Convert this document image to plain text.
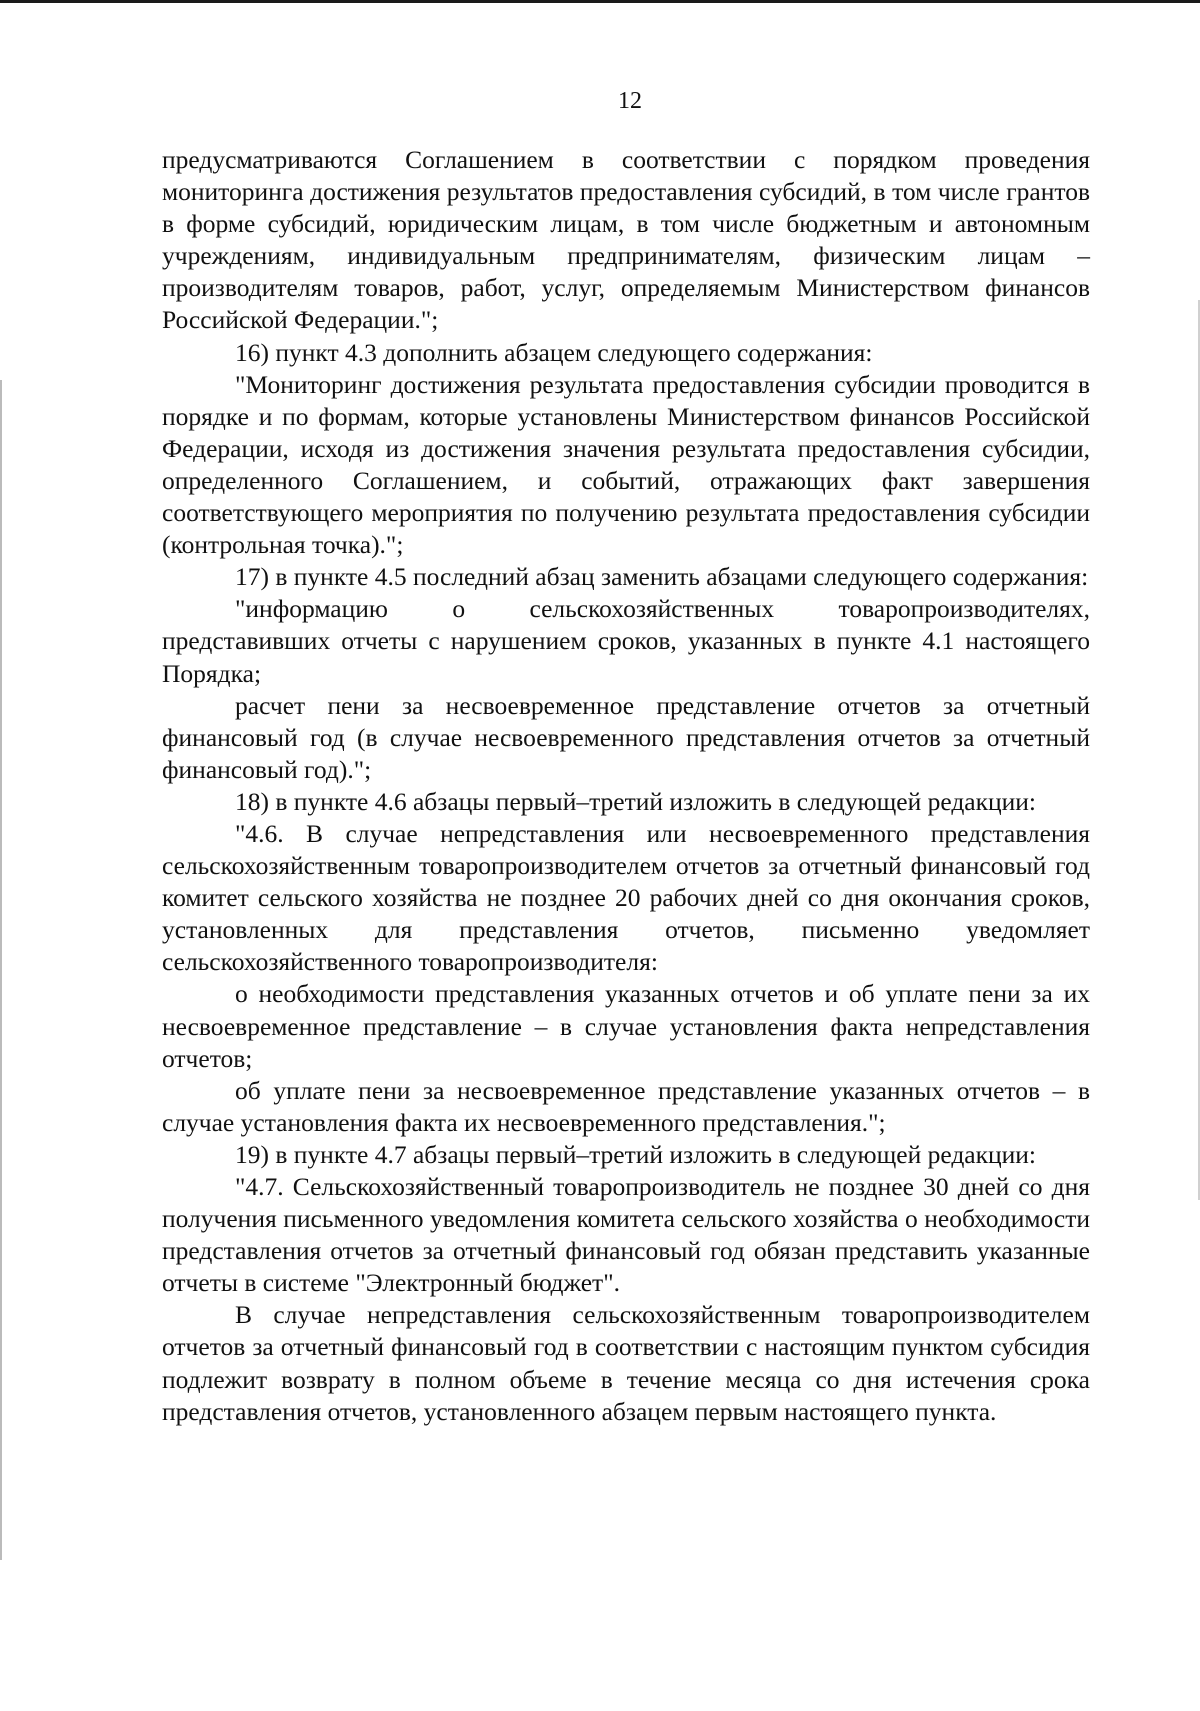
12

предусматриваются Соглашением в соответствии с порядком проведения мониторинга достижения результатов предоставления субсидий, в том числе грантов в форме субсидий, юридическим лицам, в том числе бюджетным и автономным учреждениям, индивидуальным предпринимателям, физическим лицам – производителям товаров, работ, услуг, определяемым Министерством финансов Российской Федерации.";

16) пункт 4.3 дополнить абзацем следующего содержания:

"Мониторинг достижения результата предоставления субсидии проводится в порядке и по формам, которые установлены Министерством финансов Российской Федерации, исходя из достижения значения результата предоставления субсидии, определенного Соглашением, и событий, отражающих факт завершения соответствующего мероприятия по получению результата предоставления субсидии (контрольная точка).";

17) в пункте 4.5 последний абзац заменить абзацами следующего содержания:

"информацию о сельскохозяйственных товаропроизводителях, представивших отчеты с нарушением сроков, указанных в пункте 4.1 настоящего Порядка;

расчет пени за несвоевременное представление отчетов за отчетный финансовый год (в случае несвоевременного представления отчетов за отчетный финансовый год).";

18) в пункте 4.6 абзацы первый–третий изложить в следующей редакции:

"4.6. В случае непредставления или несвоевременного представления сельскохозяйственным товаропроизводителем отчетов за отчетный финансовый год комитет сельского хозяйства не позднее 20 рабочих дней со дня окончания сроков, установленных для представления отчетов, письменно уведомляет сельскохозяйственного товаропроизводителя:

о необходимости представления указанных отчетов и об уплате пени за их несвоевременное представление – в случае установления факта непредставления отчетов;

об уплате пени за несвоевременное представление указанных отчетов – в случае установления факта их несвоевременного представления.";

19) в пункте 4.7 абзацы первый–третий изложить в следующей редакции:

"4.7. Сельскохозяйственный товаропроизводитель не позднее 30 дней со дня получения письменного уведомления комитета сельского хозяйства о необходимости представления отчетов за отчетный финансовый год обязан представить указанные отчеты в системе "Электронный бюджет".

В случае непредставления сельскохозяйственным товаропроизводителем отчетов за отчетный финансовый год в соответствии с настоящим пунктом субсидия подлежит возврату в полном объеме в течение месяца со дня истечения срока представления отчетов, установленного абзацем первым настоящего пункта.
